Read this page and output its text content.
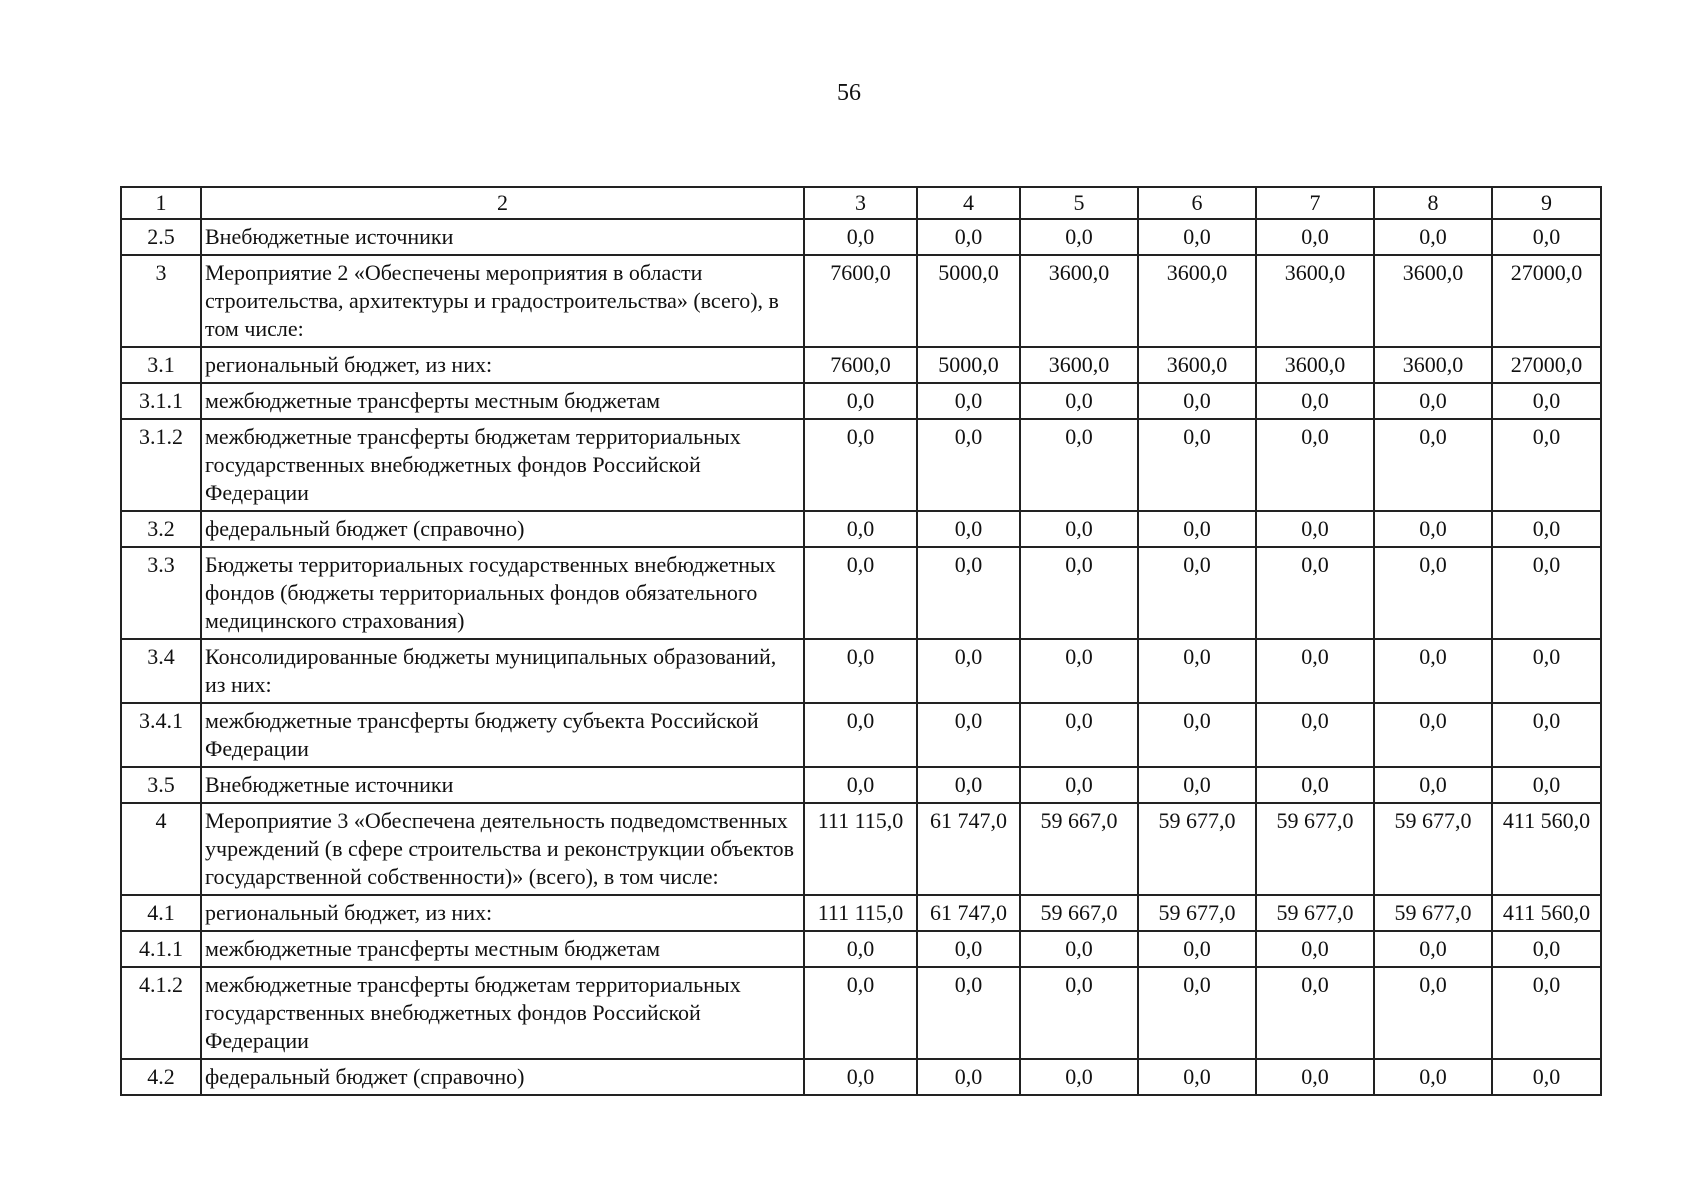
56
1	2	3	4	5	6	7	8	9
2.5	Внебюджетные источники	0,0	0,0	0,0	0,0	0,0	0,0	0,0
3	Мероприятие 2 «Обеспечены мероприятия в области строительства, архитектуры и градостроительства» (всего), в том числе:	7600,0	5000,0	3600,0	3600,0	3600,0	3600,0	27000,0
3.1	региональный бюджет, из них:	7600,0	5000,0	3600,0	3600,0	3600,0	3600,0	27000,0
3.1.1	межбюджетные трансферты местным бюджетам	0,0	0,0	0,0	0,0	0,0	0,0	0,0
3.1.2	межбюджетные трансферты бюджетам территориальных государственных внебюджетных фондов Российской Федерации	0,0	0,0	0,0	0,0	0,0	0,0	0,0
3.2	федеральный бюджет (справочно)	0,0	0,0	0,0	0,0	0,0	0,0	0,0
3.3	Бюджеты территориальных государственных внебюджетных фондов (бюджеты территориальных фондов обязательного медицинского страхования)	0,0	0,0	0,0	0,0	0,0	0,0	0,0
3.4	Консолидированные бюджеты муниципальных образований, из них:	0,0	0,0	0,0	0,0	0,0	0,0	0,0
3.4.1	межбюджетные трансферты бюджету субъекта Российской Федерации	0,0	0,0	0,0	0,0	0,0	0,0	0,0
3.5	Внебюджетные источники	0,0	0,0	0,0	0,0	0,0	0,0	0,0
4	Мероприятие 3 «Обеспечена деятельность подведомственных учреждений (в сфере строительства и реконструкции объектов государственной собственности)» (всего), в том числе:	111 115,0	61 747,0	59 667,0	59 677,0	59 677,0	59 677,0	411 560,0
4.1	региональный бюджет, из них:	111 115,0	61 747,0	59 667,0	59 677,0	59 677,0	59 677,0	411 560,0
4.1.1	межбюджетные трансферты местным бюджетам	0,0	0,0	0,0	0,0	0,0	0,0	0,0
4.1.2	межбюджетные трансферты бюджетам территориальных государственных внебюджетных фондов Российской Федерации	0,0	0,0	0,0	0,0	0,0	0,0	0,0
4.2	федеральный бюджет (справочно)	0,0	0,0	0,0	0,0	0,0	0,0	0,0
